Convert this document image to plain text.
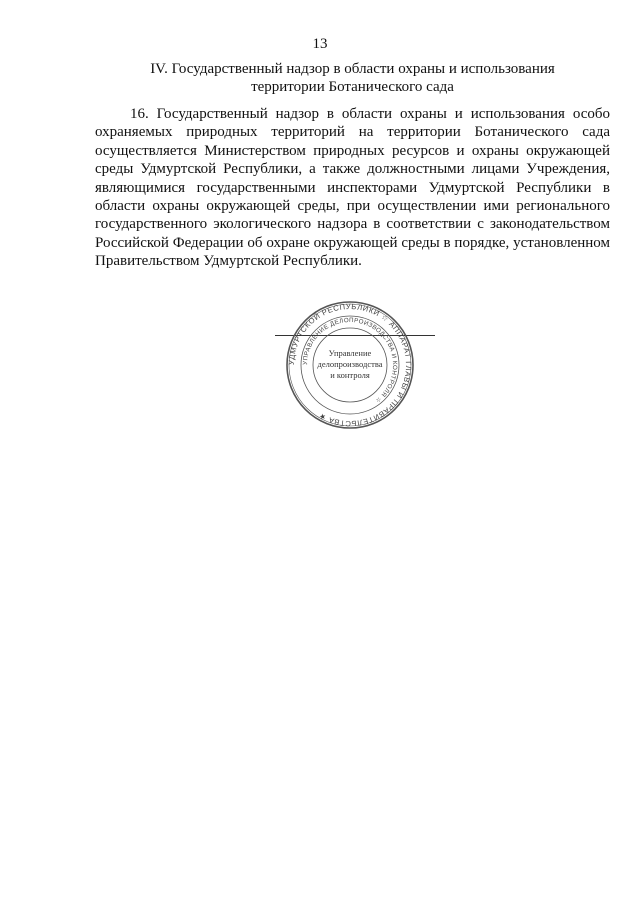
13
IV. Государственный надзор в области охраны и использования
территории Ботанического сада

16. Государственный надзор в области охраны и использования особо охраняемых природных территорий на территории Ботанического сада осуществляется Министерством природных ресурсов и охраны окружающей среды Удмуртской Республики, а также должностными лицами Учреждения, являющимися государственными инспекторами Удмуртской Республики в области охраны окружающей среды, при осуществлении ими регионального государственного экологического надзора в соответствии с законодательством Российской Федерации об охране окружающей среды в порядке, установленном Правительством Удмуртской Республики.

УДМУРТСКОЙ РЕСПУБЛИКИ ☆ АППАРАТ ГЛАВЫ И ПРАВИТЕЛЬСТВА ★
УПРАВЛЕНИЕ ДЕЛОПРОИЗВОДСТВА И КОНТРОЛЯ ☆
Управление
делопроизводства
и контроля
